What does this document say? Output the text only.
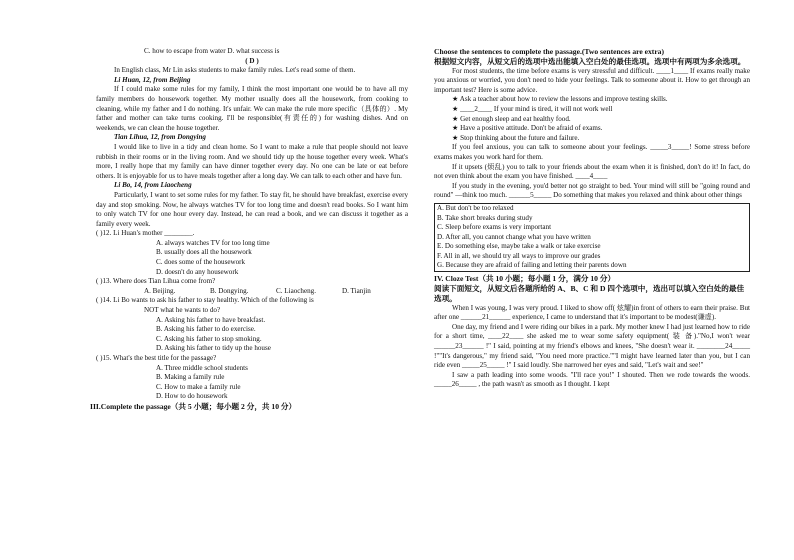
C. how to escape from water D. what success is

( D )

In English class, Mr Lin asks students to make family rules. Let's read some of them.

Li Huan, 12, from Beijing

If I could make some rules for my family, I think the most important one would be to have all my family members do housework together. My mother usually does all the housework, from cooking to cleaning, while my father and I do nothing. It's unfair. We can make the rule more specific（具体的）. My father and mother can take turns cooking. I'll be responsible(有责任的) for washing dishes. And on weekends, we can clean the house together.

Tian Lihua, 12, from Dongying

I would like to live in a tidy and clean home. So I want to make a rule that people should not leave rubbish in their rooms or in the living room. And we should tidy up the house together every week. What's more, I really hope that my family can have dinner together every day. No one can be late or eat before others. It is enjoyable for us to have meals together after a long day. We can talk to each other and have fun.

Li Bo, 14, from Liaocheng

Particularly, I want to set some rules for my father. To stay fit, he should have breakfast, exercise every day and stop smoking. Now, he always watches TV for too long time and doesn't read books. So I want him to only watch TV for one hour every day. Instead, he can read a book, and we can discuss it together as a family every week.

( )12. Li Huan's mother ________.

A. always watches TV for too long time

B. usually does all the housework

C. does some of the housework

D. doesn't do any housework

( )13. Where does Tian Lihua come from?

A. Beijing.	B. Dongying.	C. Liaocheng.	D. Tianjin

( )14. Li Bo wants to ask his father to stay healthy. Which of the following is

NOT what he wants to do?

A. Asking his father to have breakfast.

B. Asking his father to do exercise.

C. Asking his father to stop smoking.

D. Asking his father to tidy up the house

( )15. What's the best title for the passage?

A. Three middle school students

B. Making a family rule

C. How to make a family rule

D. How to do housework

III.Complete the passage（共 5 小题；每小题 2 分，共 10 分）

Choose the sentences to complete the passage.(Two sentences are extra)

根据短文内容，从短文后的选项中选出能填入空白处的最佳选项。选项中有两项为多余选项。

For most students, the time before exams is very stressful and difficult. ____1____ If exams really make you anxious or worried, you don't need to hide your feelings. Talk to someone about it. How to get through an important test? Here is some advice.

★ Ask a teacher about how to review the lessons and improve testing skills.

★ ____2____ If your mind is tired, it will not work well

★ Get enough sleep and eat healthy food.

★ Have a positive attitude. Don't be afraid of exams.

★ Stop thinking about the future and failure.

If you feel anxious, you can talk to someone about your feelings. _____3_____! Some stress before exams makes you work hard for them.

If it upsets (烦乱) you to talk to your friends about the exam when it is finished, don't do it! In fact, do not even think about the exam you have finished. ____4____

If you study in the evening, you'd better not go straight to bed. Your mind will still be "going round and round" —think too much. ______5_____ Do something that makes you relaxed and think about other things

A. But don't be too relaxed

B. Take short breaks during study

C. Sleep before exams is very important

D. After all, you cannot change what you have written

E. Do something else, maybe take a walk or take exercise

F. All in all, we should try all ways to improve our grades

G. Because they are afraid of failing and letting their parents down

IV. Cloze Test（共 10 小题；每小题 1 分，满分 10 分）

阅读下面短文，从短文后各题所给的 A、B、C 和 D 四个选项中，选出可以填入空白处的最佳选项。

When I was young, I was very proud. I liked to show off( 炫耀)in front of others to earn their praise. But after one ______21______ experience, I came to understand that it's important to be modest(谦虚).

One day, my friend and I were riding our bikes in a park. My mother knew I had just learned how to ride for a short time, ____22____ she asked me to wear some safety equipment( 装 备)."No,I won't wear ______23______ !" I said, pointing at my friend's elbows and knees, "She doesn't wear it. ________24_____ !""It's dangerous," my friend said, "You need more practice.""I might have learned later than you, but I can ride even _____25_____ !" I said loudly. She narrowed her eyes and said, "Let's wait and see!"

I saw a path leading into some woods. "I'll race you!" I shouted. Then we rode towards the woods. _____26_____ , the path wasn't as smooth as I thought. I kept
